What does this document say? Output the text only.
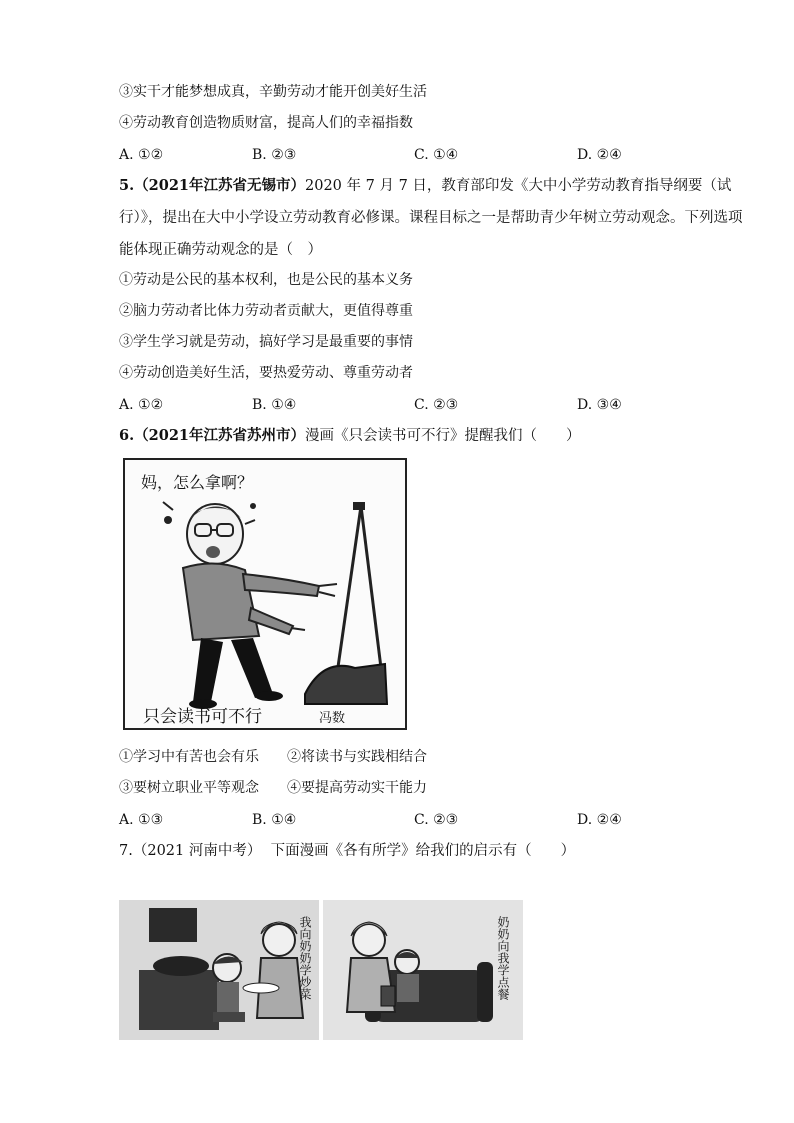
③实干才能梦想成真，辛勤劳动才能开创美好生活
④劳动教育创造物质财富，提高人们的幸福指数
A. ①②	B. ②③	C. ①④	D. ②④
5.（2021年江苏省无锡市）2020 年 7 月 7 日，教育部印发《大中小学劳动教育指导纲要（试
行）》，提出在大中小学设立劳动教育必修课。课程目标之一是帮助青少年树立劳动观念。下列选项
能体现正确劳动观念的是（　）
①劳动是公民的基本权利，也是公民的基本义务
②脑力劳动者比体力劳动者贡献大，更值得尊重
③学生学习就是劳动，搞好学习是最重要的事情
④劳动创造美好生活，要热爱劳动、尊重劳动者
A. ①②	B. ①④	C. ②③	D. ③④
6.（2021年江苏省苏州市）漫画《只会读书可不行》提醒我们（　　）
妈，怎么拿啊？
只会读书可不行	冯数
①学习中有苦也会有乐 ②将读书与实践相结合
③要树立职业平等观念 ④要提高劳动实干能力
A. ①③	B. ①④	C. ②③	D. ②④
7.（2021 河南中考） 下面漫画《各有所学》给我们的启示有（　　）
我向奶奶学炒菜	奶奶向我学点餐
